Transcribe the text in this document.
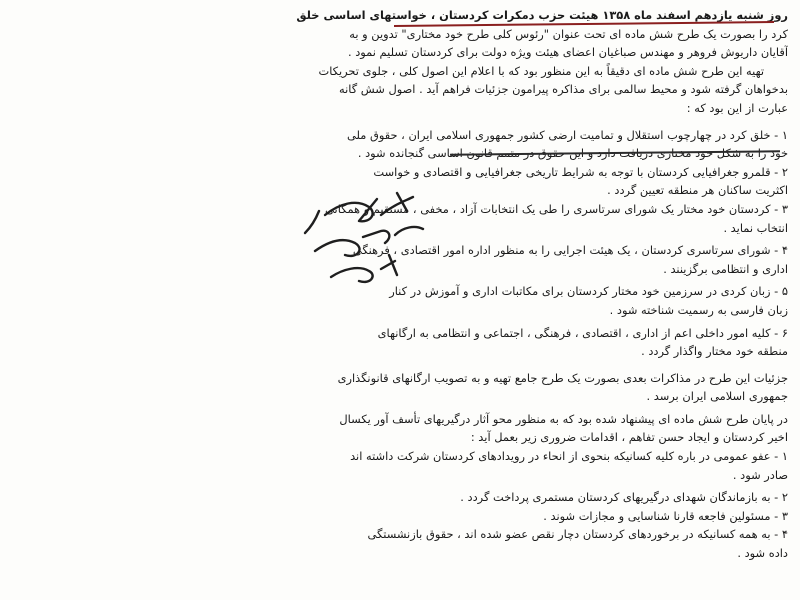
روز شنبه یازدهم اسفند ماه ۱۳۵۸ هیئت حزب دمکرات کردستان ، خواستهای اساسی خلق
کرد را بصورت یک طرح شش ماده ای تحت عنوان "رئوس کلی طرح خود مختاری" تدوین و به
آقایان داریوش فروهر و مهندس صباغیان اعضای هیئت ویژه دولت برای کردستان تسلیم نمود .
تهیه این طرح شش ماده ای دقیقاً به این منظور بود که با اعلام این اصول کلی ، جلوی تحریکات
بدخواهان گرفته شود و محیط سالمی برای مذاکره پیرامون جزئیات فراهم آید . اصول شش گانه
عبارت از این بود که :
۱ - خلق کرد در چهارچوب استقلال و تمامیت ارضی کشور جمهوری اسلامی ایران ، حقوق ملی
خود را به شکل خود مختاری دریافت دارد و این حقوق در متمم قانون اساسی گنجانده شود .
۲ - قلمرو جغرافیایی کردستان با توجه به شرایط تاریخی جغرافیایی و اقتصادی و خواست
اکثریت ساکنان هر منطقه تعیین گردد .
۳ - کردستان خود مختار یک شورای سرتاسری را طی یک انتخابات آزاد ، مخفی ، مستقیم و همگانی
انتخاب نماید .
۴ - شورای سرتاسری کردستان ، یک هیئت اجرایی را به منظور اداره امور اقتصادی ، فرهنگی
اداری و انتظامی برگزینند .
۵ - زبان کردی در سرزمین خود مختار کردستان برای مکاتبات اداری و آموزش در کنار
زبان فارسی به رسمیت شناخته شود .
۶ - کلیه امور داخلی اعم از اداری ، اقتصادی ، فرهنگی ، اجتماعی و انتظامی به ارگانهای
منطقه خود مختار واگذار گردد .
جزئیات این طرح در مذاکرات بعدی بصورت یک طرح جامع تهیه و به تصویب ارگانهای قانونگذاری
جمهوری اسلامی ایران برسد .
در پایان طرح شش ماده ای پیشنهاد شده بود که به منظور محو آثار درگیریهای تأسف آور یکسال
اخیر کردستان و ایجاد حسن تفاهم ، اقدامات ضروری زیر بعمل آید :
۱ - عفو عمومی در باره کلیه کسانیکه بنحوی از انحاء در رویدادهای کردستان شرکت داشته اند
صادر شود .
۲ - به بازماندگان شهدای درگیریهای کردستان مستمری پرداخت گردد .
۳ - مسئولین فاجعه قارنا شناسایی و مجازات شوند .
۴ - به همه کسانیکه در برخوردهای کردستان دچار نقص عضو شده اند ، حقوق بازنشستگی
داده شود .
